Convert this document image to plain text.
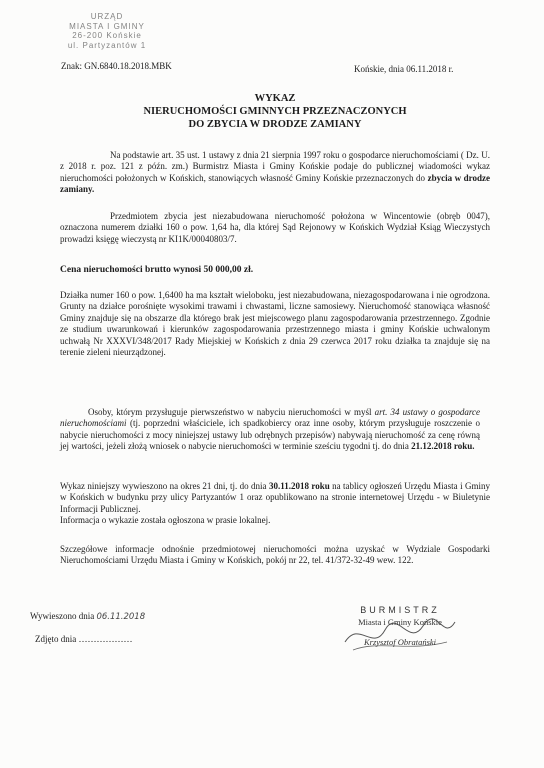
URZĄD
MIASTA I GMINY
26-200 Końskie
ul. Partyzantów 1
Znak: GN.6840.18.2018.MBK	Końskie, dnia 06.11.2018 r.
WYKAZ
NIERUCHOMOŚCI GMINNYCH PRZEZNACZONYCH
DO ZBYCIA W DRODZE ZAMIANY
Na podstawie art. 35 ust. 1 ustawy z dnia 21 sierpnia 1997 roku o gospodarce nieruchomościami ( Dz. U. z 2018 r. poz. 121 z późn. zm.) Burmistrz Miasta i Gminy Końskie podaje do publicznej wiadomości wykaz nieruchomości położonych w Końskich, stanowiących własność Gminy Końskie przeznaczonych do zbycia w drodze zamiany.
Przedmiotem zbycia jest niezabudowana nieruchomość położona w Wincentowie (obręb 0047), oznaczona numerem działki 160 o pow. 1,64 ha, dla której Sąd Rejonowy w Końskich Wydział Ksiąg Wieczystych prowadzi księgę wieczystą nr KI1K/00040803/7.
Cena nieruchomości brutto wynosi 50 000,00 zł.
Działka numer 160 o pow. 1,6400 ha ma kształt wieloboku, jest niezabudowana, niezagospodarowana i nie ogrodzona. Grunty na działce porośnięte wysokimi trawami i chwastami, liczne samosiewy. Nieruchomość stanowiąca własność Gminy znajduje się na obszarze dla którego brak jest miejscowego planu zagospodarowania przestrzennego. Zgodnie ze studium uwarunkowań i kierunków zagospodarowania przestrzennego miasta i gminy Końskie uchwalonym uchwałą Nr XXXVI/348/2017 Rady Miejskiej w Końskich z dnia 29 czerwca 2017 roku działka ta znajduje się na terenie zieleni nieurządzonej.
Osoby, którym przysługuje pierwszeństwo w nabyciu nieruchomości w myśl art. 34 ustawy o gospodarce nieruchomościami (tj. poprzedni właściciele, ich spadkobiercy oraz inne osoby, którym przysługuje roszczenie o nabycie nieruchomości z mocy niniejszej ustawy lub odrębnych przepisów) nabywają nieruchomość za cenę równą jej wartości, jeżeli złożą wniosek o nabycie nieruchomości w terminie sześciu tygodni tj. do dnia 21.12.2018 roku.
Wykaz niniejszy wywieszono na okres 21 dni, tj. do dnia 30.11.2018 roku na tablicy ogłoszeń Urzędu Miasta i Gminy w Końskich w budynku przy ulicy Partyzantów 1 oraz opublikowano na stronie internetowej Urzędu - w Biuletynie Informacji Publicznej.
Informacja o wykazie została ogłoszona w prasie lokalnej.
Szczegółowe informacje odnośnie przedmiotowej nieruchomości można uzyskać w Wydziale Gospodarki Nieruchomościami Urzędu Miasta i Gminy w Końskich, pokój nr 22, tel. 41/372-32-49 wew. 122.
Wywieszono dnia 06.11.2018
Zdjęto dnia ………………
BURMISTRZ
Miasta i Gminy Końskie
Krzysztof Obratański
